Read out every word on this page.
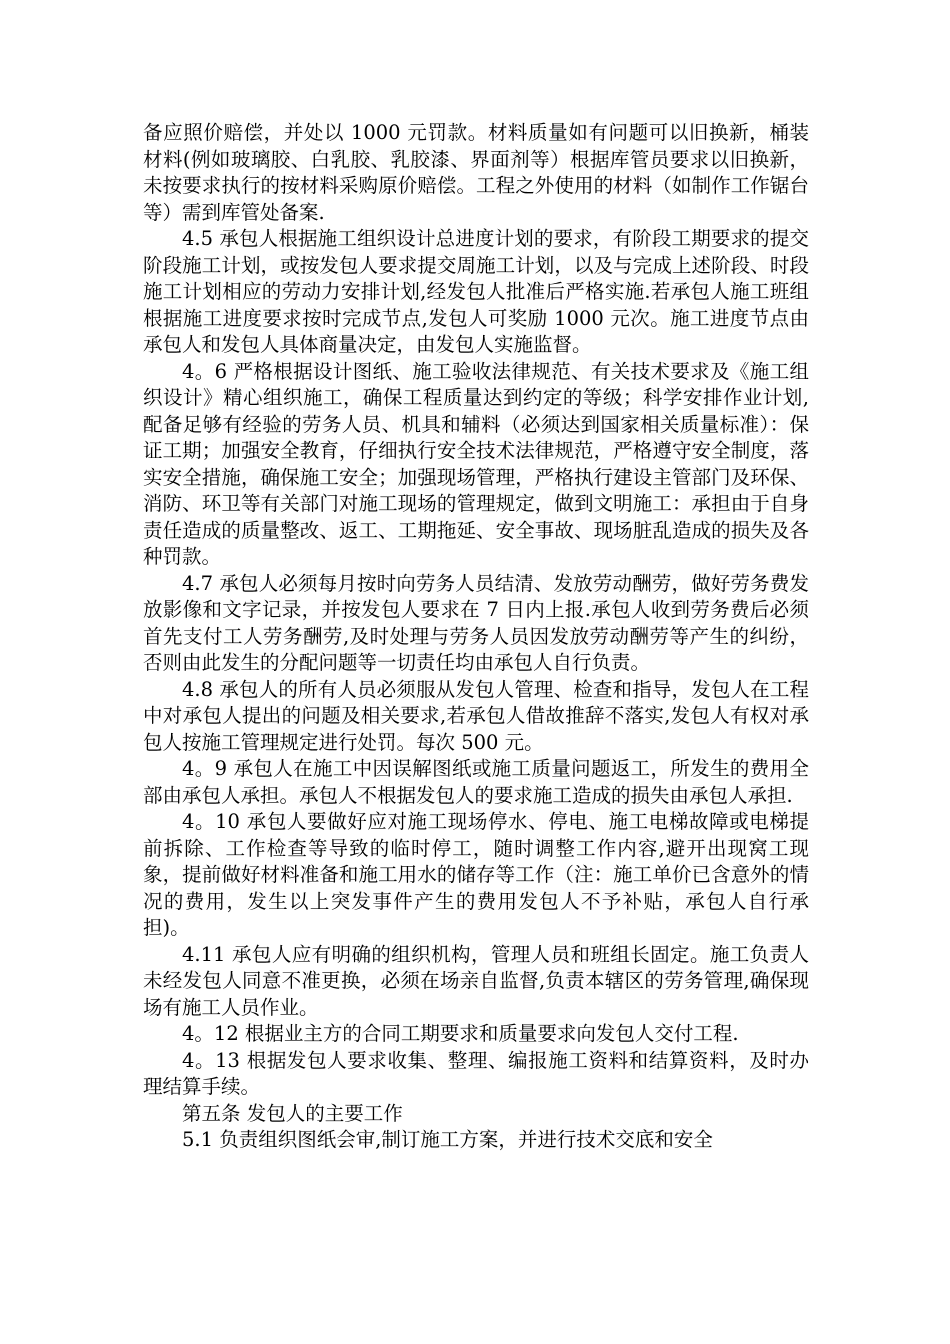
备应照价赔偿，并处以 1000 元罚款。材料质量如有问题可以旧换新，桶装材料(例如玻璃胶、白乳胶、乳胶漆、界面剂等）根据库管员要求以旧换新，未按要求执行的按材料采购原价赔偿。工程之外使用的材料（如制作工作锯台等）需到库管处备案.

4.5 承包人根据施工组织设计总进度计划的要求，有阶段工期要求的提交阶段施工计划，或按发包人要求提交周施工计划，以及与完成上述阶段、时段施工计划相应的劳动力安排计划,经发包人批准后严格实施.若承包人施工班组根据施工进度要求按时完成节点,发包人可奖励 1000 元次。施工进度节点由承包人和发包人具体商量决定，由发包人实施监督。

4。6 严格根据设计图纸、施工验收法律规范、有关技术要求及《施工组织设计》精心组织施工，确保工程质量达到约定的等级；科学安排作业计划,配备足够有经验的劳务人员、机具和辅料（必须达到国家相关质量标准）：保证工期；加强安全教育，仔细执行安全技术法律规范，严格遵守安全制度，落实安全措施，确保施工安全；加强现场管理，严格执行建设主管部门及环保、消防、环卫等有关部门对施工现场的管理规定，做到文明施工：承担由于自身责任造成的质量整改、返工、工期拖延、安全事故、现场脏乱造成的损失及各种罚款。

4.7 承包人必须每月按时向劳务人员结清、发放劳动酬劳，做好劳务费发放影像和文字记录，并按发包人要求在 7 日内上报.承包人收到劳务费后必须首先支付工人劳务酬劳,及时处理与劳务人员因发放劳动酬劳等产生的纠纷，否则由此发生的分配问题等一切责任均由承包人自行负责。

4.8 承包人的所有人员必须服从发包人管理、检查和指导，发包人在工程中对承包人提出的问题及相关要求,若承包人借故推辞不落实,发包人有权对承包人按施工管理规定进行处罚。每次 500 元。

4。9 承包人在施工中因误解图纸或施工质量问题返工，所发生的费用全部由承包人承担。承包人不根据发包人的要求施工造成的损失由承包人承担.

4。10 承包人要做好应对施工现场停水、停电、施工电梯故障或电梯提前拆除、工作检查等导致的临时停工，随时调整工作内容,避开出现窝工现象，提前做好材料准备和施工用水的储存等工作（注：施工单价已含意外的情况的费用，发生以上突发事件产生的费用发包人不予补贴，承包人自行承担)。

4.11 承包人应有明确的组织机构，管理人员和班组长固定。施工负责人未经发包人同意不准更换，必须在场亲自监督,负责本辖区的劳务管理,确保现场有施工人员作业。

4。12 根据业主方的合同工期要求和质量要求向发包人交付工程.

4。13 根据发包人要求收集、整理、编报施工资料和结算资料，及时办理结算手续。

第五条 发包人的主要工作

5.1 负责组织图纸会审,制订施工方案，并进行技术交底和安全
